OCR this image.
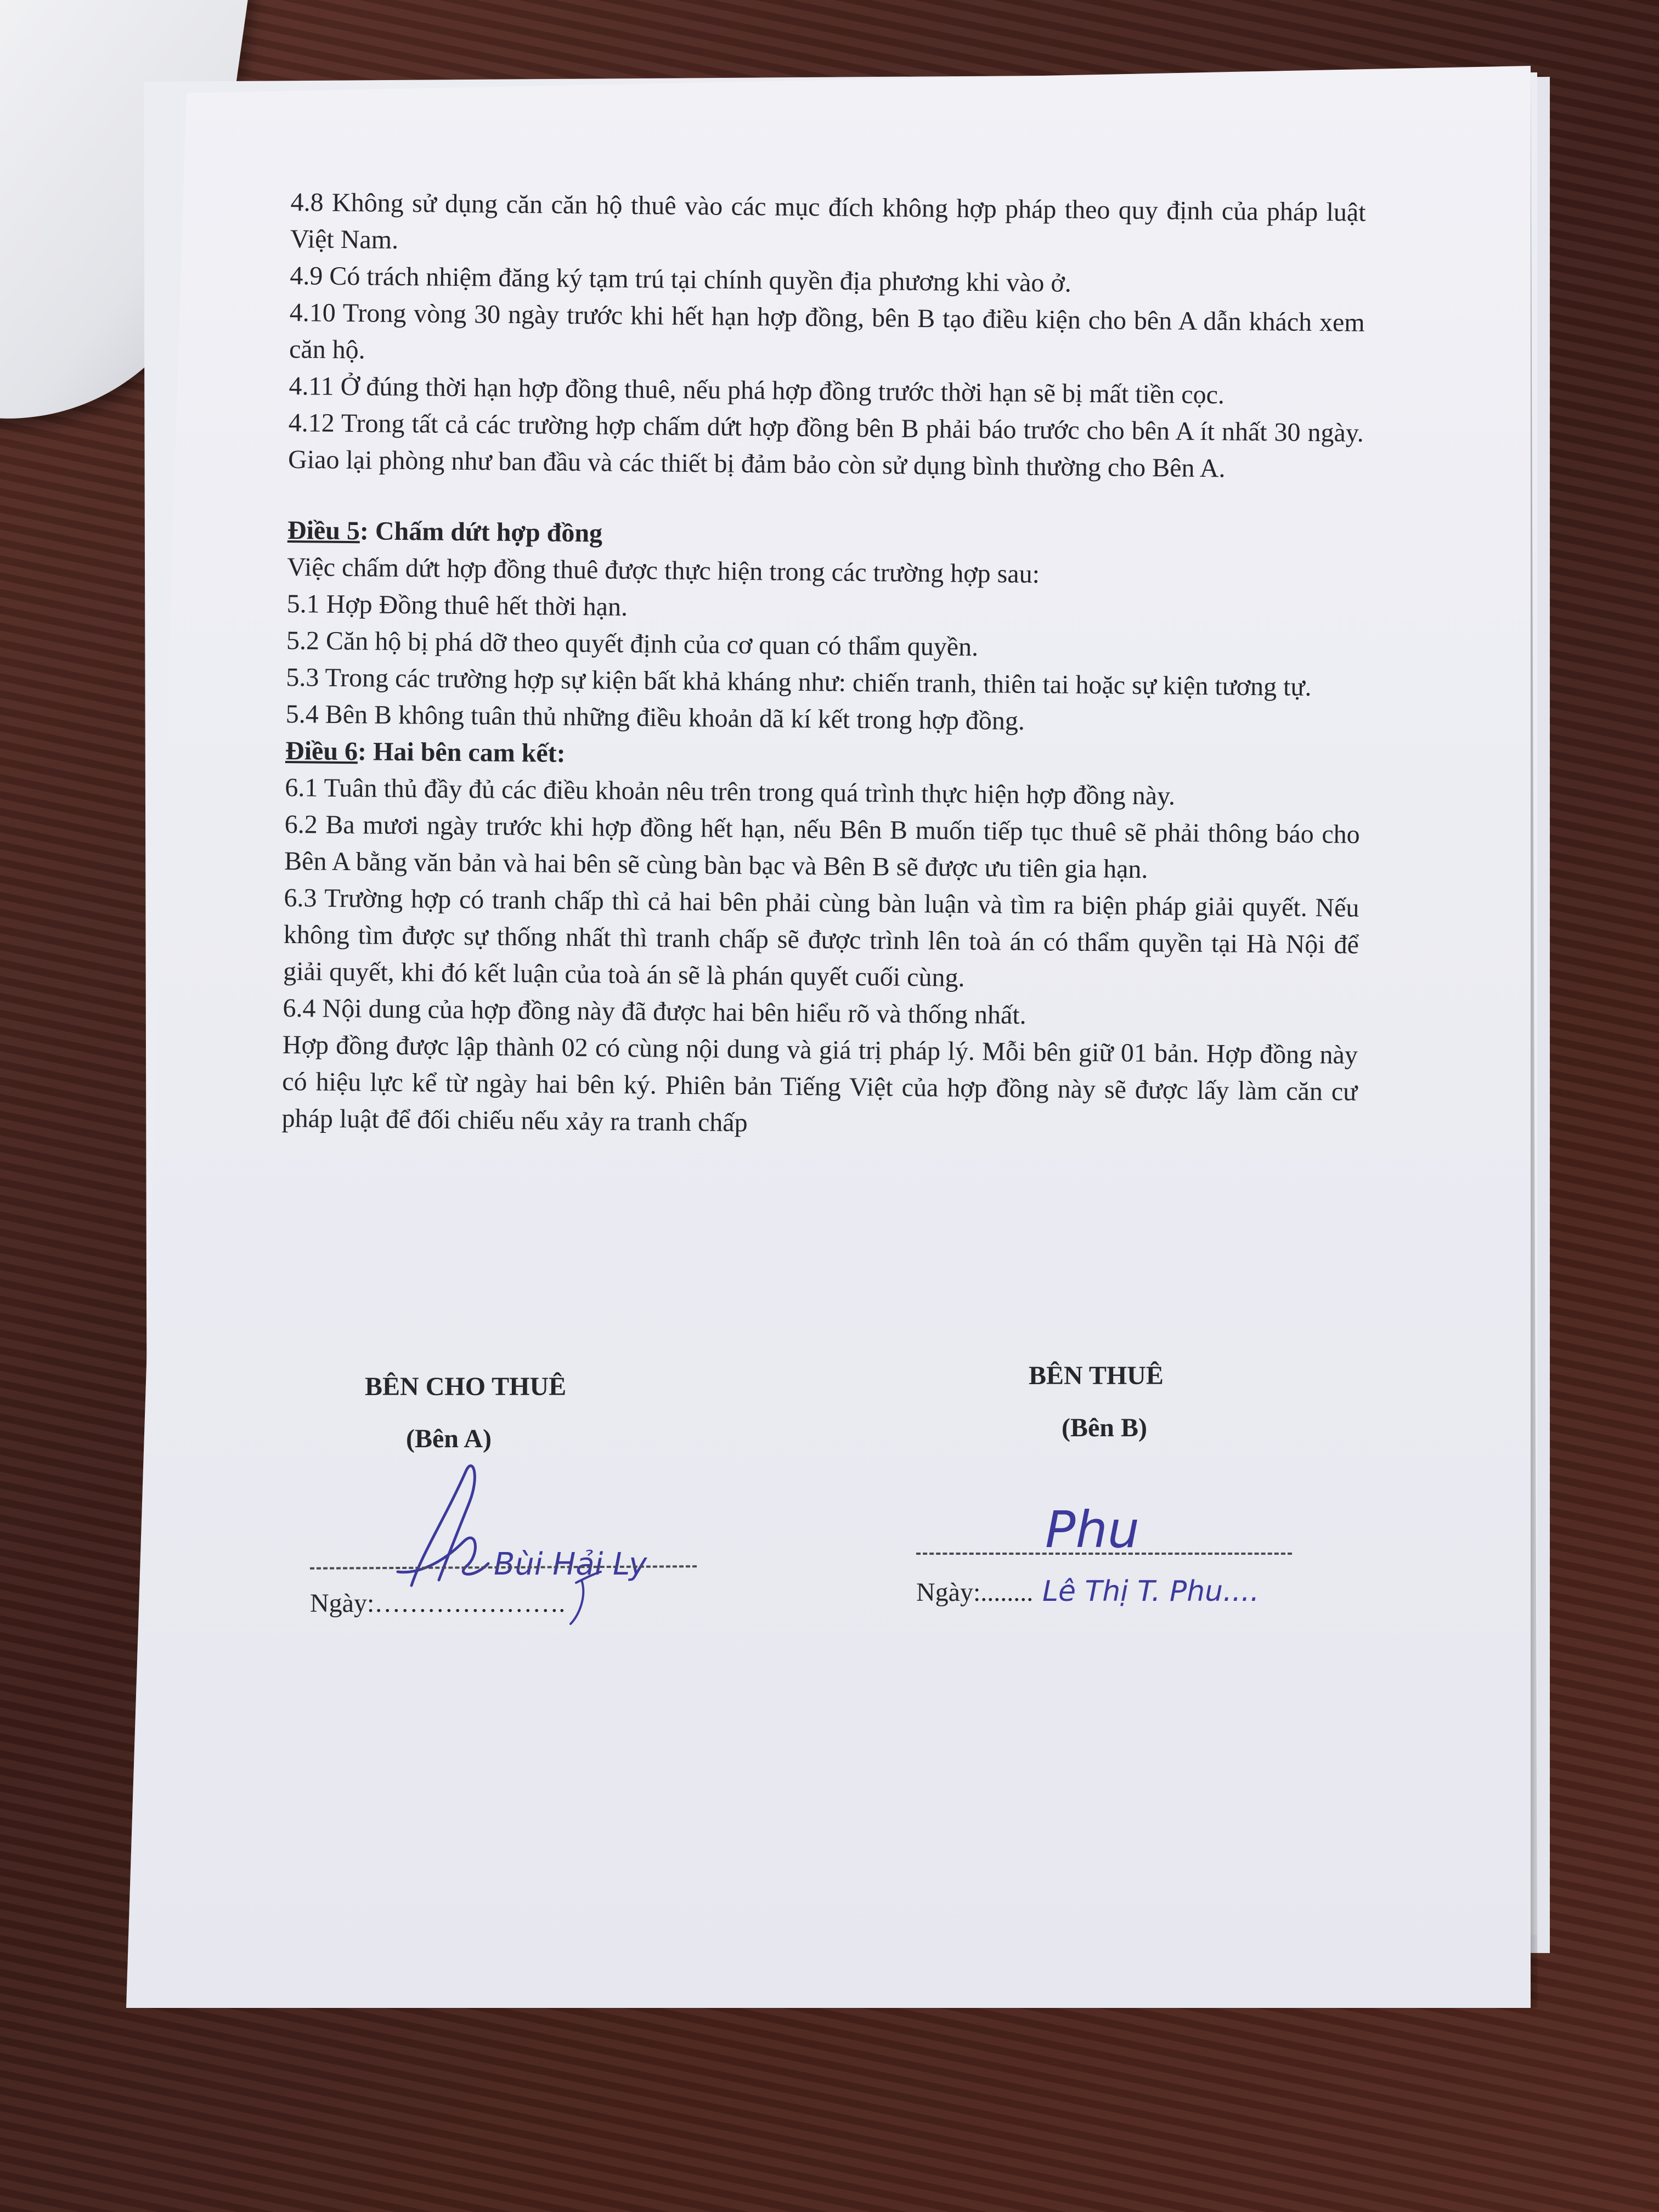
4.8 Không sử dụng căn căn hộ thuê vào các mục đích không hợp pháp theo quy định của pháp luật Việt Nam.

4.9 Có trách nhiệm đăng ký tạm trú tại chính quyền địa phương khi vào ở.

4.10 Trong vòng 30 ngày trước khi hết hạn hợp đồng, bên B tạo điều kiện cho bên A dẫn khách xem căn hộ.

4.11 Ở đúng thời hạn hợp đồng thuê, nếu phá hợp đồng trước thời hạn sẽ bị mất tiền cọc.

4.12 Trong tất cả các trường hợp chấm dứt hợp đồng bên B phải báo trước cho bên A ít nhất 30 ngày. Giao lại phòng như ban đầu và các thiết bị đảm bảo còn sử dụng bình thường cho Bên A.

Điều 5: Chấm dứt hợp đồng

Việc chấm dứt hợp đồng thuê được thực hiện trong các trường hợp sau:

5.1 Hợp Đồng thuê hết thời hạn.

5.2 Căn hộ bị phá dỡ theo quyết định của cơ quan có thẩm quyền.

5.3 Trong các trường hợp sự kiện bất khả kháng như: chiến tranh, thiên tai hoặc sự kiện tương tự.

5.4 Bên B không tuân thủ những điều khoản dã kí kết trong hợp đồng.

Điều 6: Hai bên cam kết:

6.1 Tuân thủ đầy đủ các điều khoản nêu trên trong quá trình thực hiện hợp đồng này.

6.2 Ba mươi ngày trước khi hợp đồng hết hạn, nếu Bên B muốn tiếp tục thuê sẽ phải thông báo cho Bên A bằng văn bản và hai bên sẽ cùng bàn bạc và Bên B sẽ được ưu tiên gia hạn.

6.3 Trường hợp có tranh chấp thì cả hai bên phải cùng bàn luận và tìm ra biện pháp giải quyết. Nếu không tìm được sự thống nhất thì tranh chấp sẽ được trình lên toà án có thẩm quyền tại Hà Nội để giải quyết, khi đó kết luận của toà án sẽ là phán quyết cuối cùng.

6.4 Nội dung của hợp đồng này đã được hai bên hiểu rõ và thống nhất.

Hợp đồng được lập thành 02 có cùng nội dung và giá trị pháp lý. Mỗi bên giữ 01 bản. Hợp đồng này có hiệu lực kể từ ngày hai bên ký. Phiên bản Tiếng Việt của hợp đồng này sẽ được lấy làm căn cư pháp luật để đối chiếu nếu xảy ra tranh chấp

BÊN CHO THUÊ
(Bên A)
Bùi Hải Ly
Ngày:………………….
BÊN THUÊ
(Bên B)
Phu
Ngày:........ Lê Thị T. Phu....
